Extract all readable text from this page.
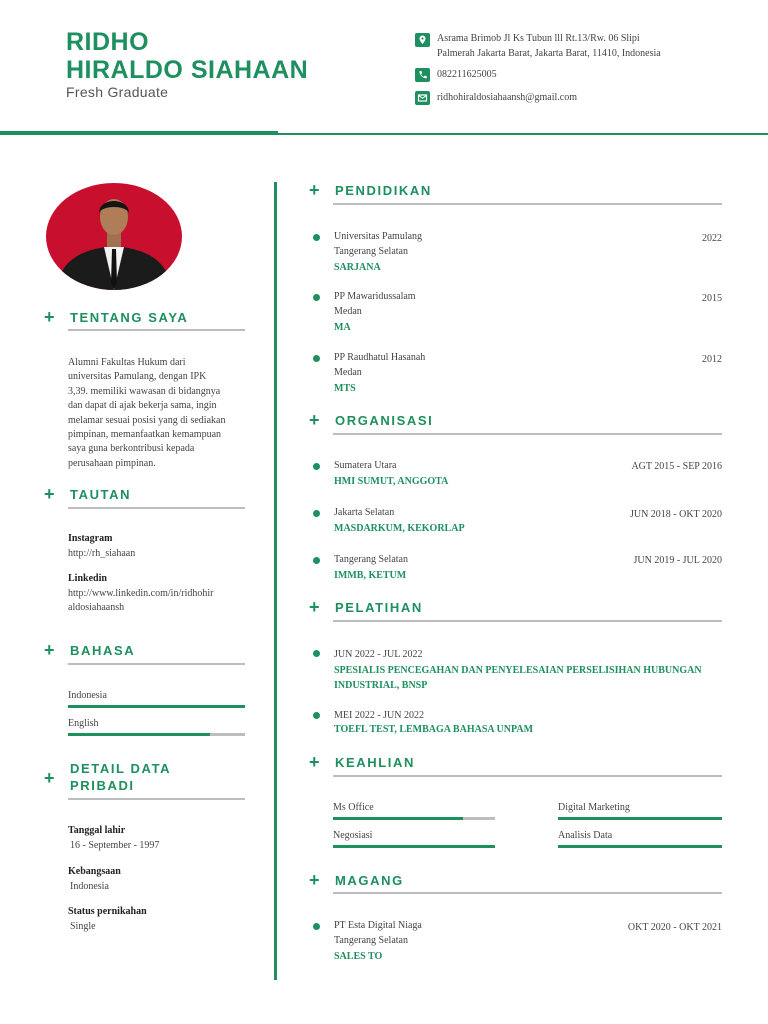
RIDHO
HIRALDO SIAHAAN
Fresh Graduate
Asrama Brimob Jl Ks Tubun lll Rt.13/Rw. 06 Slipi
Palmerah Jakarta Barat, Jakarta Barat, 11410, Indonesia
082211625005
ridhohiraldosiahaansh@gmail.com
+ TENTANG SAYA
Alumni Fakultas Hukum dari
universitas Pamulang, dengan IPK
3,39. memiliki wawasan di bidangnya
dan dapat di ajak bekerja sama, ingin
melamar sesuai posisi yang di sediakan
pimpinan, memanfaatkan kemampuan
saya guna berkontribusi kepada
perusahaan pimpinan.
+ TAUTAN
Instagram
http://rh_siahaan
Linkedin
http://www.linkedin.com/in/ridhohir
aldosiahaansh
+ BAHASA
Indonesia
English
+ DETAIL DATA
PRIBADI
Tanggal lahir
16 - September - 1997
Kebangsaan
Indonesia
Status pernikahan
Single
+ PENDIDIKAN
Universitas Pamulang
Tangerang Selatan
SARJANA
2022
PP Mawaridussalam
Medan
MA
2015
PP Raudhatul Hasanah
Medan
MTS
2012
+ ORGANISASI
Sumatera Utara
HMI SUMUT, ANGGOTA
AGT 2015 - SEP 2016
Jakarta Selatan
MASDARKUM, KEKORLAP
JUN 2018 - OKT 2020
Tangerang Selatan
IMMB, KETUM
JUN 2019 - JUL 2020
+ PELATIHAN
JUN 2022 - JUL 2022
SPESIALIS PENCEGAHAN DAN PENYELESAIAN PERSELISIHAN HUBUNGAN
INDUSTRIAL, BNSP
MEI 2022 - JUN 2022
TOEFL TEST, LEMBAGA BAHASA UNPAM
+ KEAHLIAN
Ms Office	Digital Marketing
Negosiasi	Analisis Data
+ MAGANG
PT Esta Digital Niaga
Tangerang Selatan
SALES TO
OKT 2020 - OKT 2021
